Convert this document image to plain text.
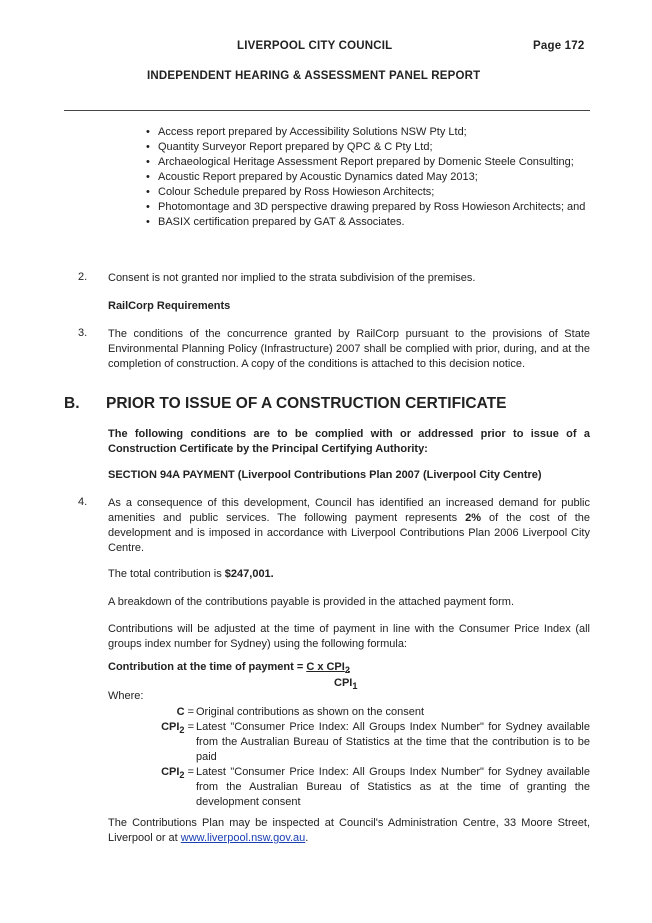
LIVERPOOL CITY COUNCIL	Page 172
INDEPENDENT HEARING & ASSESSMENT PANEL REPORT
• Access report prepared by Accessibility Solutions NSW Pty Ltd;
• Quantity Surveyor Report prepared by QPC & C Pty Ltd;
• Archaeological Heritage Assessment Report prepared by Domenic Steele Consulting;
• Acoustic Report prepared by Acoustic Dynamics dated May 2013;
• Colour Schedule prepared by Ross Howieson Architects;
• Photomontage and 3D perspective drawing prepared by Ross Howieson Architects; and
• BASIX certification prepared by GAT & Associates.
2. Consent is not granted nor implied to the strata subdivision of the premises.
RailCorp Requirements
3. The conditions of the concurrence granted by RailCorp pursuant to the provisions of State Environmental Planning Policy (Infrastructure) 2007 shall be complied with prior, during, and at the completion of construction. A copy of the conditions is attached to this decision notice.
B. PRIOR TO ISSUE OF A CONSTRUCTION CERTIFICATE
The following conditions are to be complied with or addressed prior to issue of a Construction Certificate by the Principal Certifying Authority:
SECTION 94A PAYMENT (Liverpool Contributions Plan 2007 (Liverpool City Centre)
4. As a consequence of this development, Council has identified an increased demand for public amenities and public services. The following payment represents 2% of the cost of the development and is imposed in accordance with Liverpool Contributions Plan 2006 Liverpool City Centre.
The total contribution is $247,001.
A breakdown of the contributions payable is provided in the attached payment form.
Contributions will be adjusted at the time of payment in line with the Consumer Price Index (all groups index number for Sydney) using the following formula:
Contribution at the time of payment = C x $CPI_2$
$CPI_1$
Where:
C = Original contributions as shown on the consent
$CPI_2$ = Latest "Consumer Price Index: All Groups Index Number" for Sydney available from the Australian Bureau of Statistics at the time that the contribution is to be paid
$CPI_2$ = Latest "Consumer Price Index: All Groups Index Number" for Sydney available from the Australian Bureau of Statistics as at the time of granting the development consent
The Contributions Plan may be inspected at Council's Administration Centre, 33 Moore Street, Liverpool or at www.liverpool.nsw.gov.au.
